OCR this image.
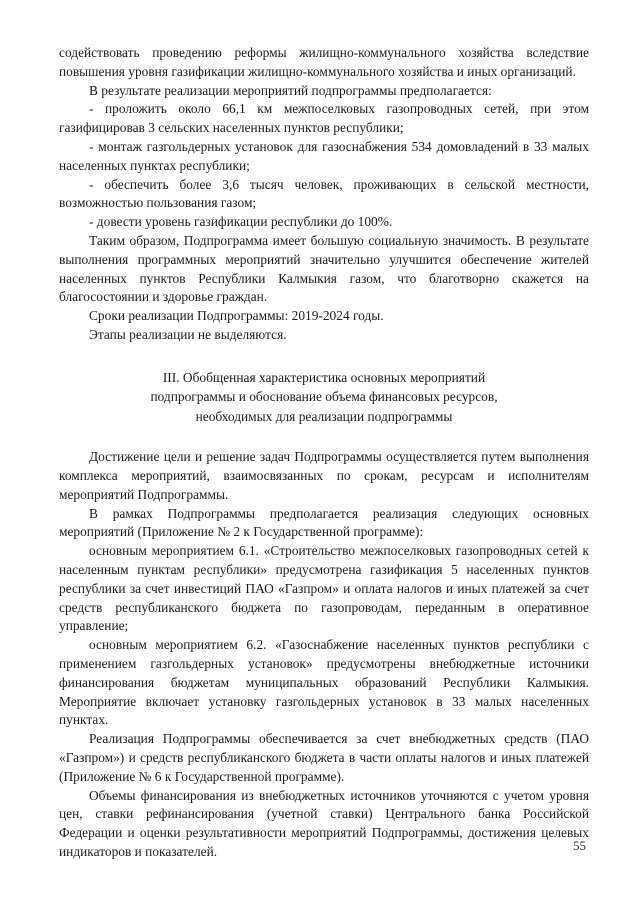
содействовать проведению реформы жилищно-коммунального хозяйства вследствие повышения уровня газификации жилищно-коммунального хозяйства и иных организаций.

В результате реализации мероприятий подпрограммы предполагается:

- проложить около 66,1 км межпоселковых газопроводных сетей, при этом газифицировав 3 сельских населенных пунктов республики;

- монтаж газгольдерных установок для газоснабжения 534 домовладений в 33 малых населенных пунктах республики;

- обеспечить более 3,6 тысяч человек, проживающих в сельской местности, возможностью пользования газом;

- довести уровень газификации республики до 100%.

Таким образом, Подпрограмма имеет большую социальную значимость. В результате выполнения программных мероприятий значительно улучшится обеспечение жителей населенных пунктов Республики Калмыкия газом, что благотворно скажется на благосостоянии и здоровье граждан.

Сроки реализации Подпрограммы: 2019-2024 годы.

Этапы реализации не выделяются.

III. Обобщенная характеристика основных мероприятий
подпрограммы и обоснование объема финансовых ресурсов,
необходимых для реализации подпрограммы

Достижение цели и решение задач Подпрограммы осуществляется путем выполнения комплекса мероприятий, взаимосвязанных по срокам, ресурсам и исполнителям мероприятий Подпрограммы.

В рамках Подпрограммы предполагается реализация следующих основных мероприятий (Приложение № 2 к Государственной программе):

основным мероприятием 6.1. «Строительство межпоселковых газопроводных сетей к населенным пунктам республики» предусмотрена газификация 5 населенных пунктов республики за счет инвестиций ПАО «Газпром» и оплата налогов и иных платежей за счет средств республиканского бюджета по газопроводам, переданным в оперативное управление;

основным мероприятием 6.2. «Газоснабжение населенных пунктов республики с применением газгольдерных установок» предусмотрены внебюджетные источники финансирования бюджетам муниципальных образований Республики Калмыкия. Мероприятие включает установку газгольдерных установок в 33 малых населенных пунктах.

Реализация Подпрограммы обеспечивается за счет внебюджетных средств (ПАО «Газпром») и средств республиканского бюджета в части оплаты налогов и иных платежей (Приложение № 6 к Государственной программе).

Объемы финансирования из внебюджетных источников уточняются с учетом уровня цен, ставки рефинансирования (учетной ставки) Центрального банка Российской Федерации и оценки результативности мероприятий Подпрограммы, достижения целевых индикаторов и показателей.	55
